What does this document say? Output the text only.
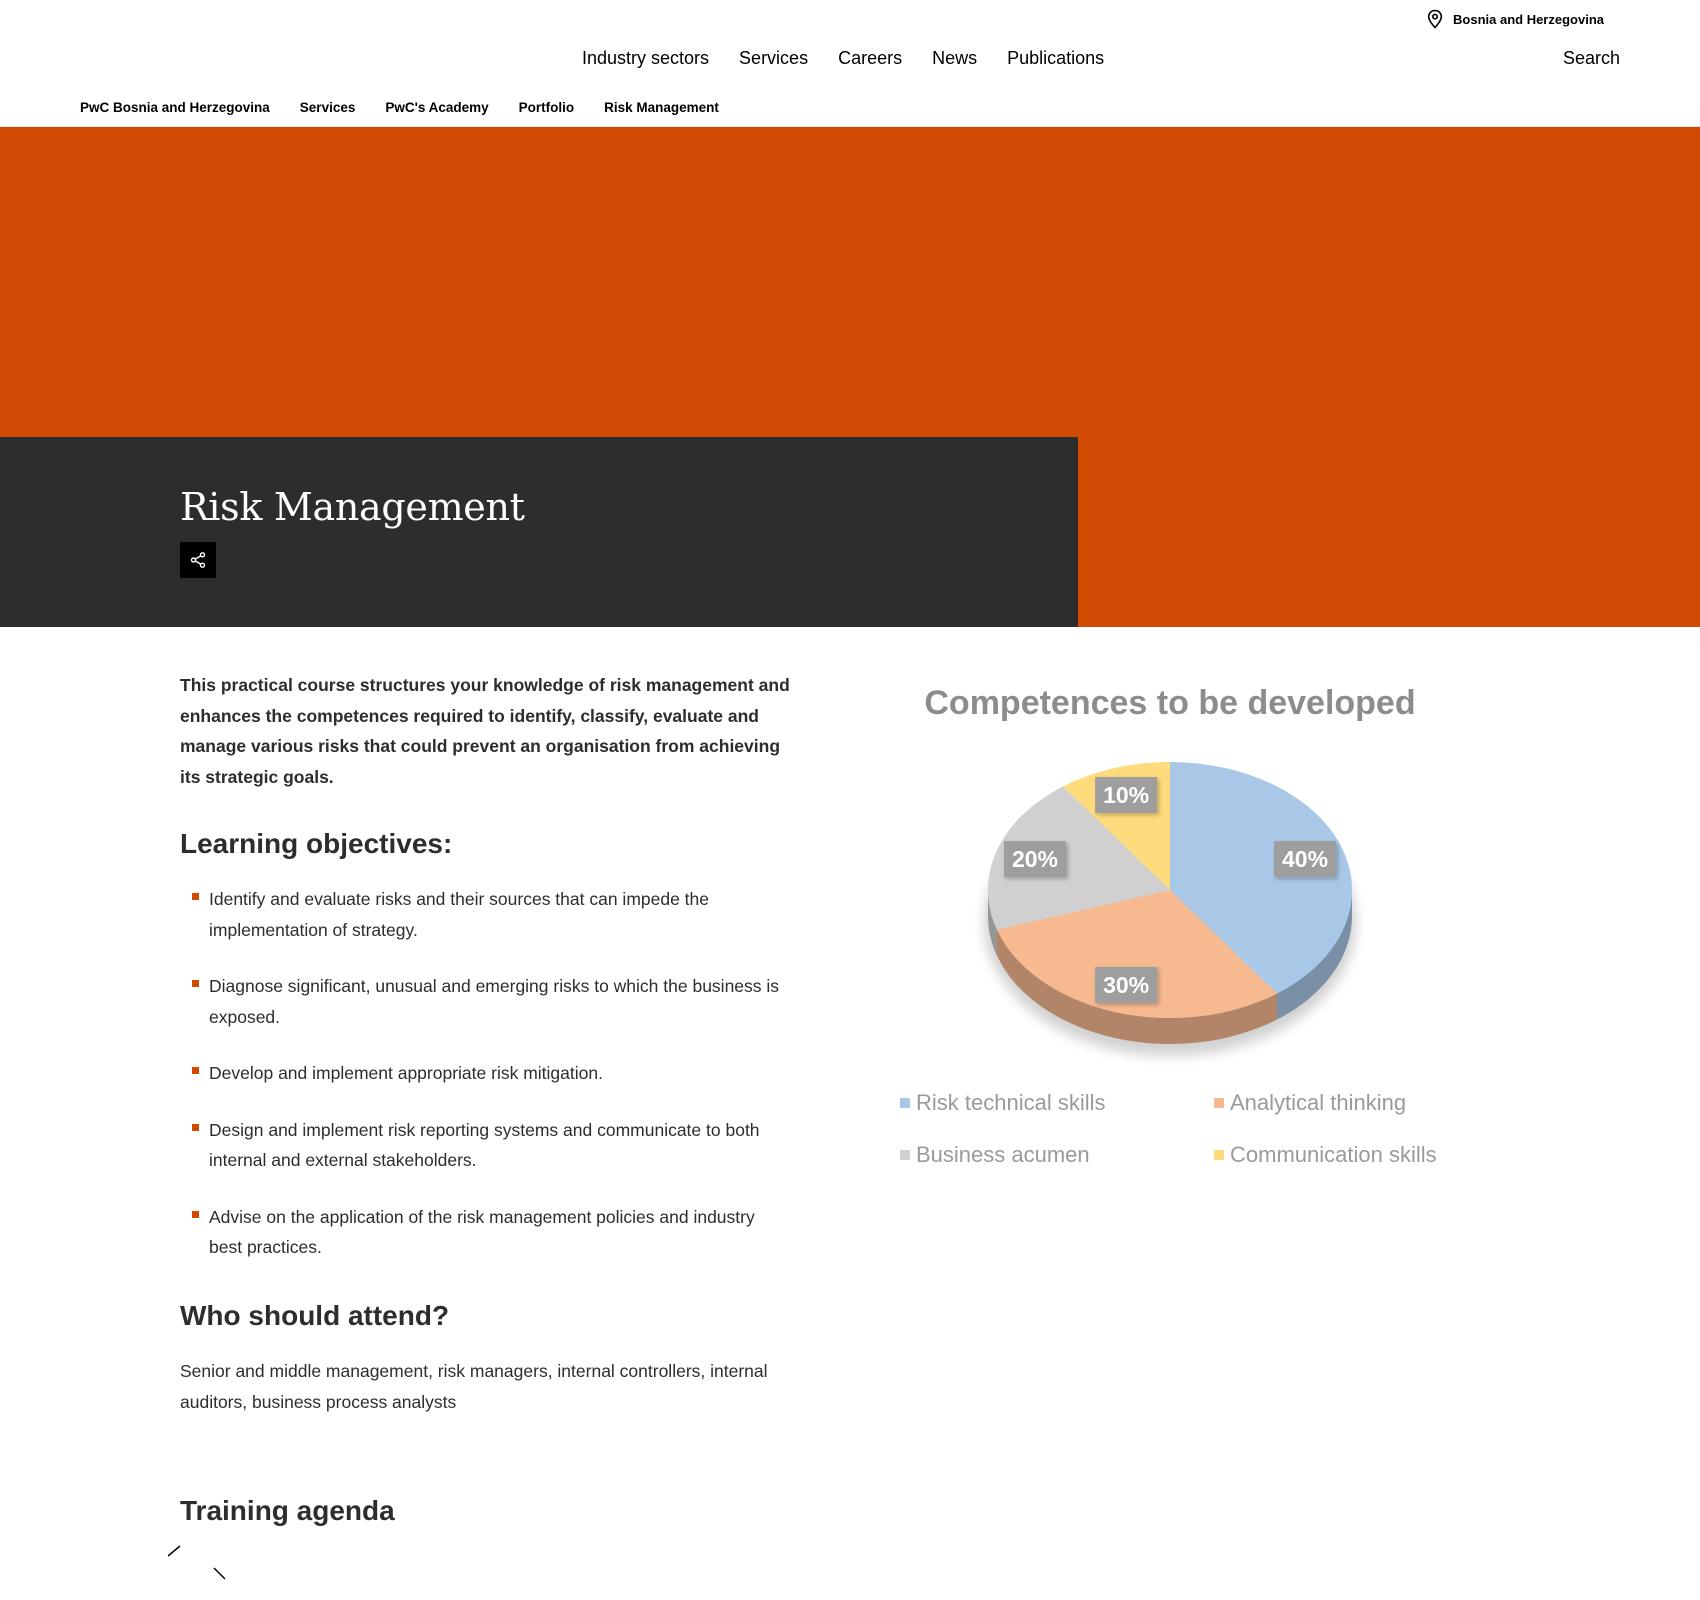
Bosnia and Herzegovina
Industry sectors Services Careers News Publications	Search
PwC Bosnia and Herzegovina Services PwC's Academy Portfolio Risk Management
Risk Management

This practical course structures your knowledge of risk management and enhances the competences required to identify, classify, evaluate and manage various risks that could prevent an organisation from achieving its strategic goals.

Learning objectives:
Identify and evaluate risks and their sources that can impede the implementation of strategy.
Diagnose significant, unusual and emerging risks to which the business is exposed.
Develop and implement appropriate risk mitigation.
Design and implement risk reporting systems and communicate to both internal and external stakeholders.
Advise on the application of the risk management policies and industry best practices.
Who should attend?

Senior and middle management, risk managers, internal controllers, internal auditors, business process analysts

Training agenda
Competences to be developed
40%
30%
20%
10%
Risk technical skills	Analytical thinking
Business acumen	Communication skills
